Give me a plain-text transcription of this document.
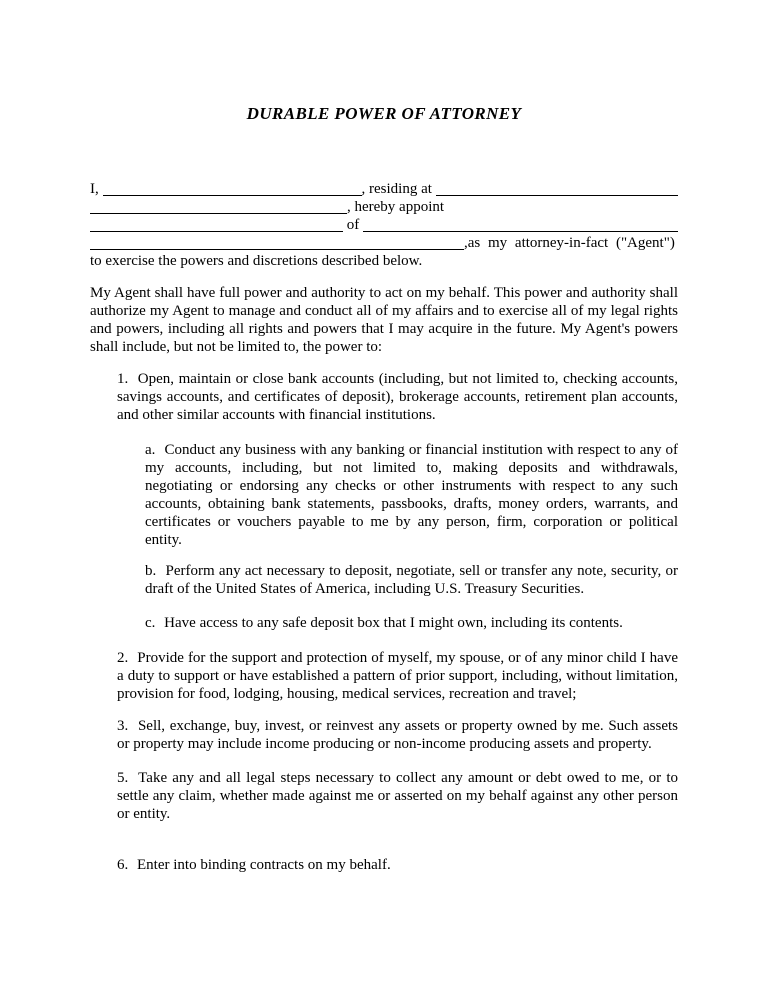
DURABLE POWER OF ATTORNEY
I,	, residing at
, hereby appoint
of
,as my attorney-in-fact ("Agent")
to exercise the powers and discretions described below.

My Agent shall have full power and authority to act on my behalf. This power and authority shall authorize my Agent to manage and conduct all of my affairs and to exercise all of my legal rights and powers, including all rights and powers that I may acquire in the future. My Agent's powers shall include, but not be limited to, the power to:

1. Open, maintain or close bank accounts (including, but not limited to, checking accounts, savings accounts, and certificates of deposit), brokerage accounts, retirement plan accounts, and other similar accounts with financial institutions.

a. Conduct any business with any banking or financial institution with respect to any of my accounts, including, but not limited to, making deposits and withdrawals, negotiating or endorsing any checks or other instruments with respect to any such accounts, obtaining bank statements, passbooks, drafts, money orders, warrants, and certificates or vouchers payable to me by any person, firm, corporation or political entity.

b. Perform any act necessary to deposit, negotiate, sell or transfer any note, security, or draft of the United States of America, including U.S. Treasury Securities.

c. Have access to any safe deposit box that I might own, including its contents.

2. Provide for the support and protection of myself, my spouse, or of any minor child I have a duty to support or have established a pattern of prior support, including, without limitation, provision for food, lodging, housing, medical services, recreation and travel;

3. Sell, exchange, buy, invest, or reinvest any assets or property owned by me. Such assets or property may include income producing or non-income producing assets and property.

5. Take any and all legal steps necessary to collect any amount or debt owed to me, or to settle any claim, whether made against me or asserted on my behalf against any other person or entity.

6. Enter into binding contracts on my behalf.
